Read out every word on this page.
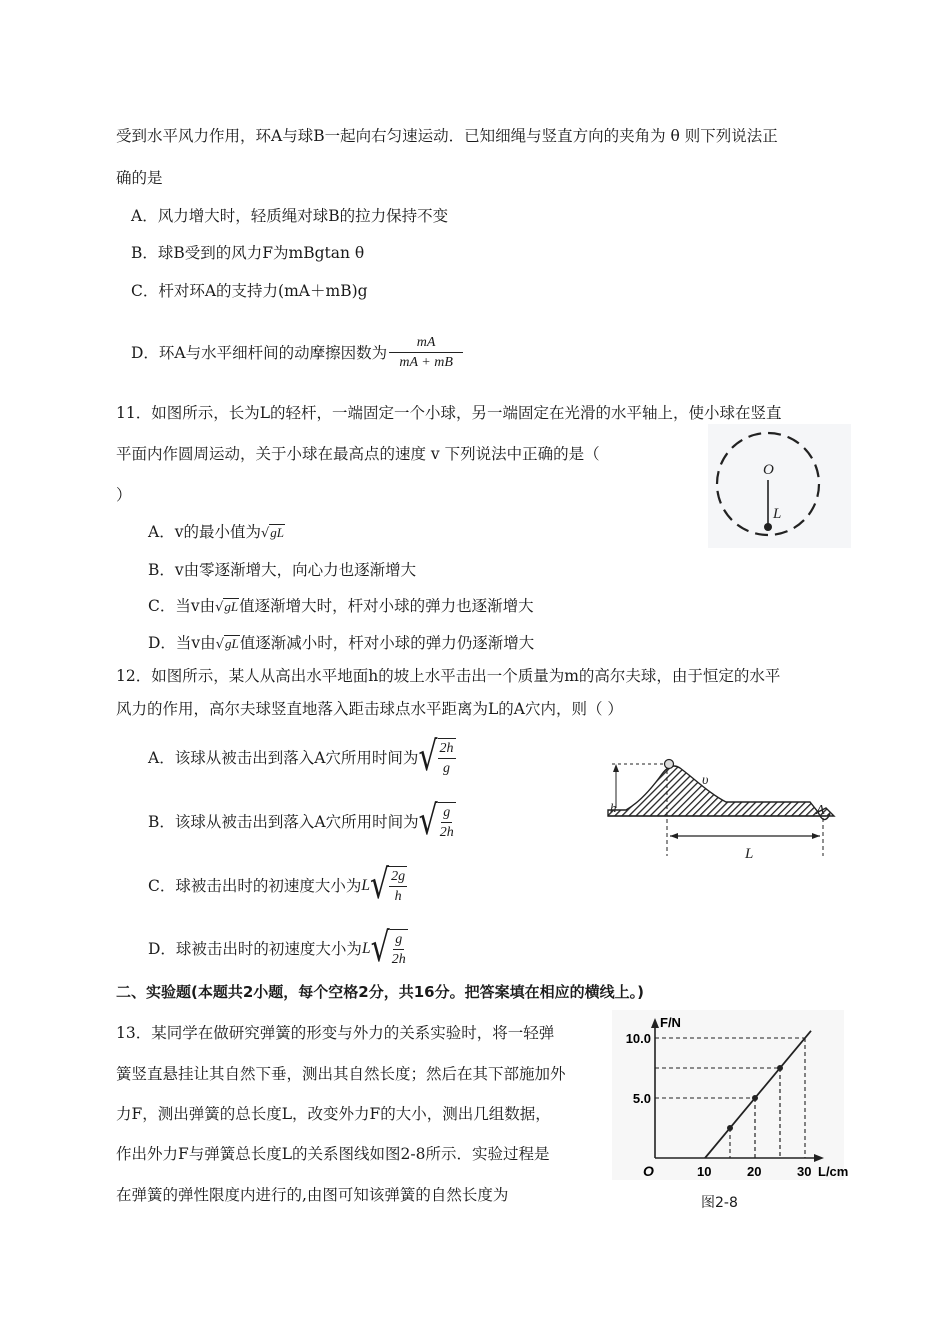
受到水平风力作用，环A与球B一起向右匀速运动．已知细绳与竖直方向的夹角为 θ 则下列说法正
确的是
A．风力增大时，轻质绳对球B的拉力保持不变
B．球B受到的风力F为mBgtan θ
C．杆对环A的支持力(mA＋mB)g
D．环A与水平细杆间的动摩擦因数为 $\frac{mA}{mA + mB}$
11．如图所示，长为L的轻杆，一端固定一个小球，另一端固定在光滑的水平轴上，使小球在竖直
平面内作圆周运动，关于小球在最高点的速度 v 下列说法中正确的是（
）
A．v的最小值为√gL
B．v由零逐渐增大，向心力也逐渐增大
C．当v由√gL值逐渐增大时，杆对小球的弹力也逐渐增大
D．当v由√gL值逐渐减小时，杆对小球的弹力仍逐渐增大
O
L
12．如图所示，某人从高出水平地面h的坡上水平击出一个质量为m的高尔夫球，由于恒定的水平
风力的作用，高尔夫球竖直地落入距击球点水平距离为L的A穴内，则（ ）
A．该球从被击出到落入A穴所用时间为 √ $\frac{2h}{g}$
B．该球从被击出到落入A穴所用时间为 √ $\frac{g}{2h}$
C．球被击出时的初速度大小为 L √ $\frac{2g}{h}$
D．球被击出时的初速度大小为 L √ $\frac{g}{2h}$
h
υ
A
L
二、实验题(本题共2小题，每个空格2分，共16分。把答案填在相应的横线上。)
13．某同学在做研究弹簧的形变与外力的关系实验时，将一轻弹
簧竖直悬挂让其自然下垂，测出其自然长度；然后在其下部施加外
力F，测出弹簧的总长度L，改变外力F的大小，测出几组数据，
作出外力F与弹簧总长度L的关系图线如图2-8所示．实验过程是
在弹簧的弹性限度内进行的,由图可知该弹簧的自然长度为
F/N
L/cm
O	10	20	30
5.0
10.0
图2-8
